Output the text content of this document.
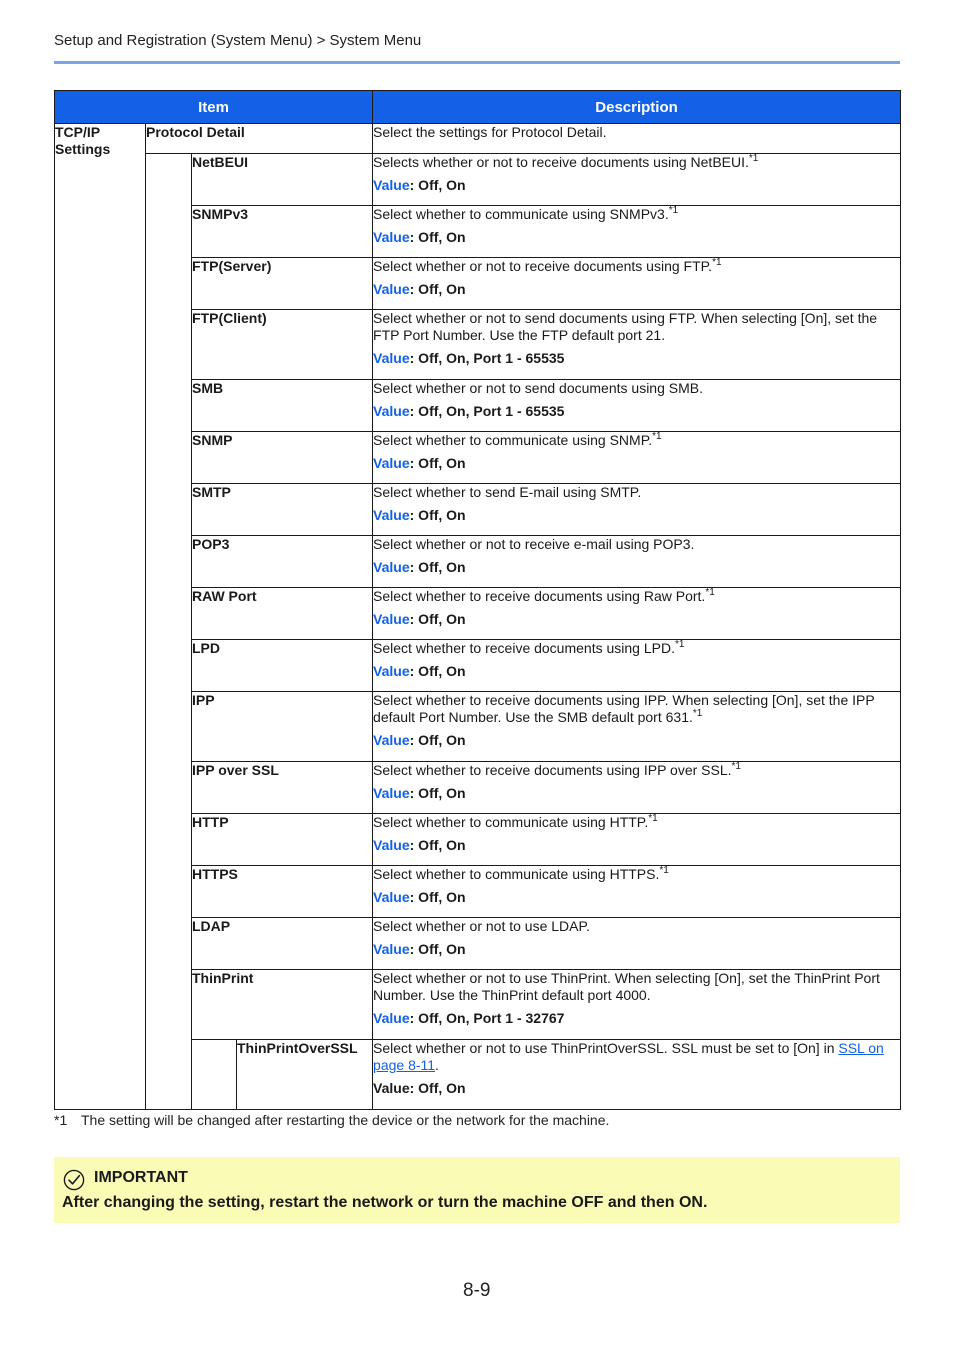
Setup and Registration (System Menu) > System Menu
Item				Description
TCP/IP Settings	Protocol Detail			Select the settings for Protocol Detail.

		NetBEUI		Selects whether or not to receive documents using NetBEUI.$^{*1}$
Value: Off, On

		SNMPv3		Select whether to communicate using SNMPv3.$^{*1}$
Value: Off, On

		FTP(Server)		Select whether or not to receive documents using FTP.$^{*1}$
Value: Off, On

		FTP(Client)		Select whether or not to send documents using FTP. When selecting [On], set the FTP Port Number. Use the FTP default port 21.
Value: Off, On, Port 1 - 65535

		SMB		Select whether or not to send documents using SMB.
Value: Off, On, Port 1 - 65535

		SNMP		Select whether to communicate using SNMP.$^{*1}$
Value: Off, On

		SMTP		Select whether to send E-mail using SMTP.
Value: Off, On

		POP3		Select whether or not to receive e-mail using POP3.
Value: Off, On

		RAW Port		Select whether to receive documents using Raw Port.$^{*1}$
Value: Off, On

		LPD		Select whether to receive documents using LPD.$^{*1}$
Value: Off, On

		IPP		Select whether to receive documents using IPP. When selecting [On], set the IPP default Port Number. Use the SMB default port 631.$^{*1}$
Value: Off, On

		IPP over SSL		Select whether to receive documents using IPP over SSL.$^{*1}$
Value: Off, On

		HTTP		Select whether to communicate using HTTP.$^{*1}$
Value: Off, On

		HTTPS		Select whether to communicate using HTTPS.$^{*1}$
Value: Off, On

		LDAP		Select whether or not to use LDAP.
Value: Off, On

		ThinPrint		Select whether or not to use ThinPrint. When selecting [On], set the ThinPrint Port Number. Use the ThinPrint default port 4000.
Value: Off, On, Port 1 - 32767

			ThinPrintOverSSL	Select whether or not to use ThinPrintOverSSL. SSL must be set to [On] in SSL on page 8-11.
Value: Off, On
*1 The setting will be changed after restarting the device or the network for the machine.
IMPORTANT
After changing the setting, restart the network or turn the machine OFF and then ON.
8-9
